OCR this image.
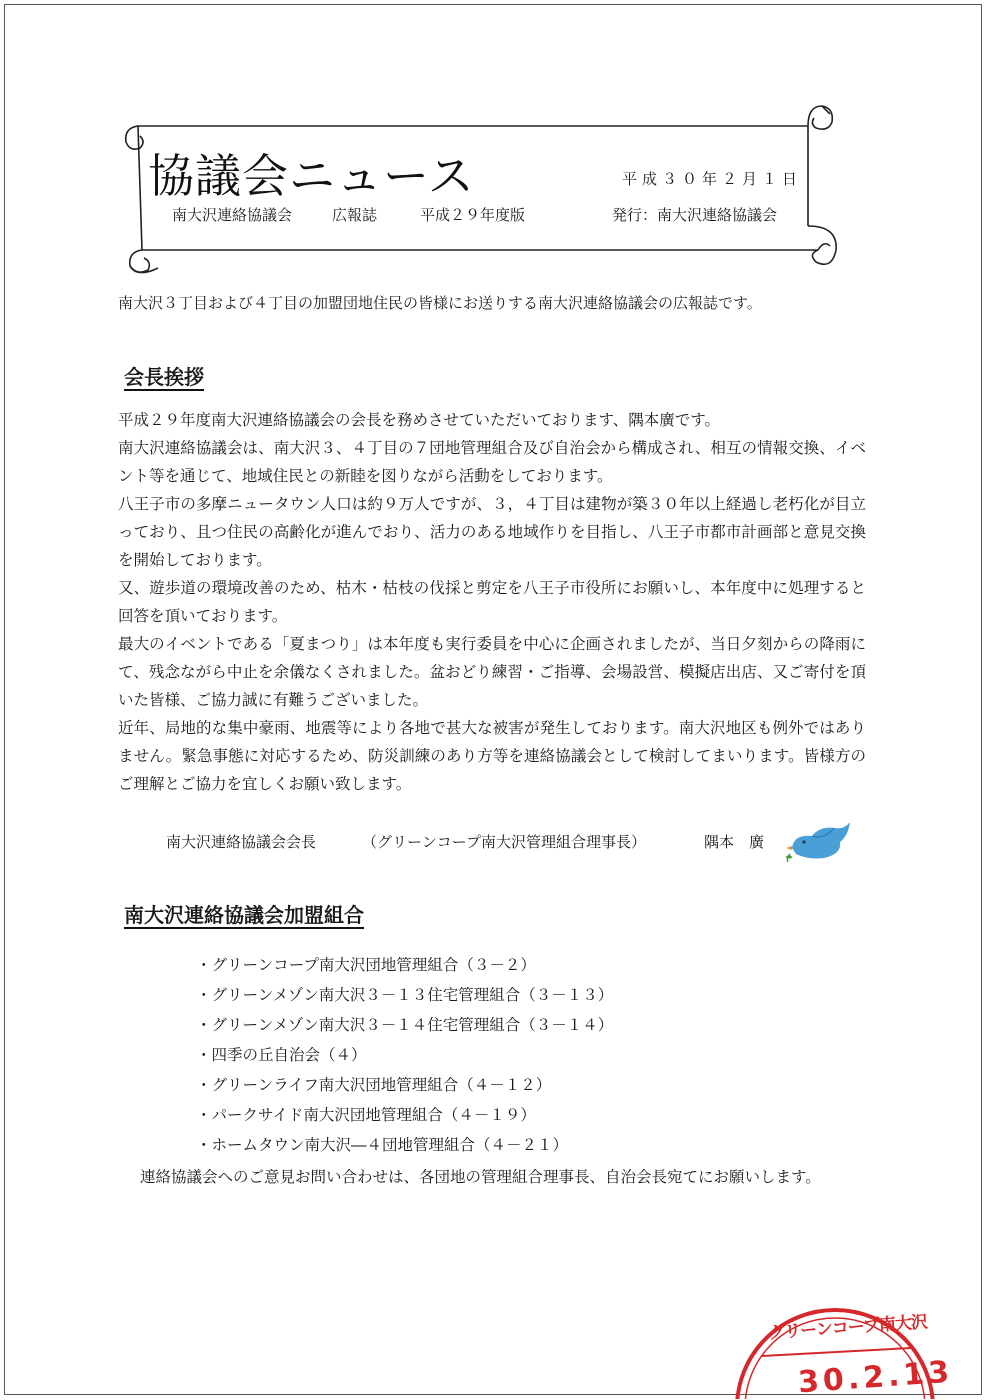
協議会ニュース	平成３０年２月１日
南大沢連絡協議会	広報誌	平成２９年度版	発行：南大沢連絡協議会
南大沢３丁目および４丁目の加盟団地住民の皆様にお送りする南大沢連絡協議会の広報誌です。
会長挨拶

平成２９年度南大沢連絡協議会の会長を務めさせていただいております、隅本廣です。

南大沢連絡協議会は、南大沢３、４丁目の７団地管理組合及び自治会から構成され、相互の情報交換、イベント等を通じて、地域住民との新睦を図りながら活動をしております。

八王子市の多摩ニュータウン人口は約９万人ですが、３，４丁目は建物が築３０年以上経過し老朽化が目立っており、且つ住民の高齢化が進んでおり、活力のある地域作りを目指し、八王子市都市計画部と意見交換を開始しております。

又、遊歩道の環境改善のため、枯木・枯枝の伐採と剪定を八王子市役所にお願いし、本年度中に処理すると回答を頂いております。

最大のイベントである「夏まつり」は本年度も実行委員を中心に企画されましたが、当日夕刻からの降雨にて、残念ながら中止を余儀なくされました。盆おどり練習・ご指導、会場設営、模擬店出店、又ご寄付を頂いた皆様、ご協力誠に有難うございました。

近年、局地的な集中豪雨、地震等により各地で甚大な被害が発生しております。南大沢地区も例外ではありません。緊急事態に対応するため、防災訓練のあり方等を連絡協議会として検討してまいります。皆様方のご理解とご協力を宜しくお願い致します。

南大沢連絡協議会会長	（グリーンコープ南大沢管理組合理事長）	隅本　廣
南大沢連絡協議会加盟組合
・グリーンコープ南大沢団地管理組合（３－２）
・グリーンメゾン南大沢３－１３住宅管理組合（３－１３）
・グリーンメゾン南大沢３－１４住宅管理組合（３－１４）
・四季の丘自治会（４）
・グリーンライフ南大沢団地管理組合（４－１２）
・パークサイド南大沢団地管理組合（４－１９）
・ホームタウン南大沢―４団地管理組合（４－２１）
連絡協議会へのご意見お問い合わせは、各団地の管理組合理事長、自治会長宛てにお願いします。
グリーンコープ南大沢
30.2.13
